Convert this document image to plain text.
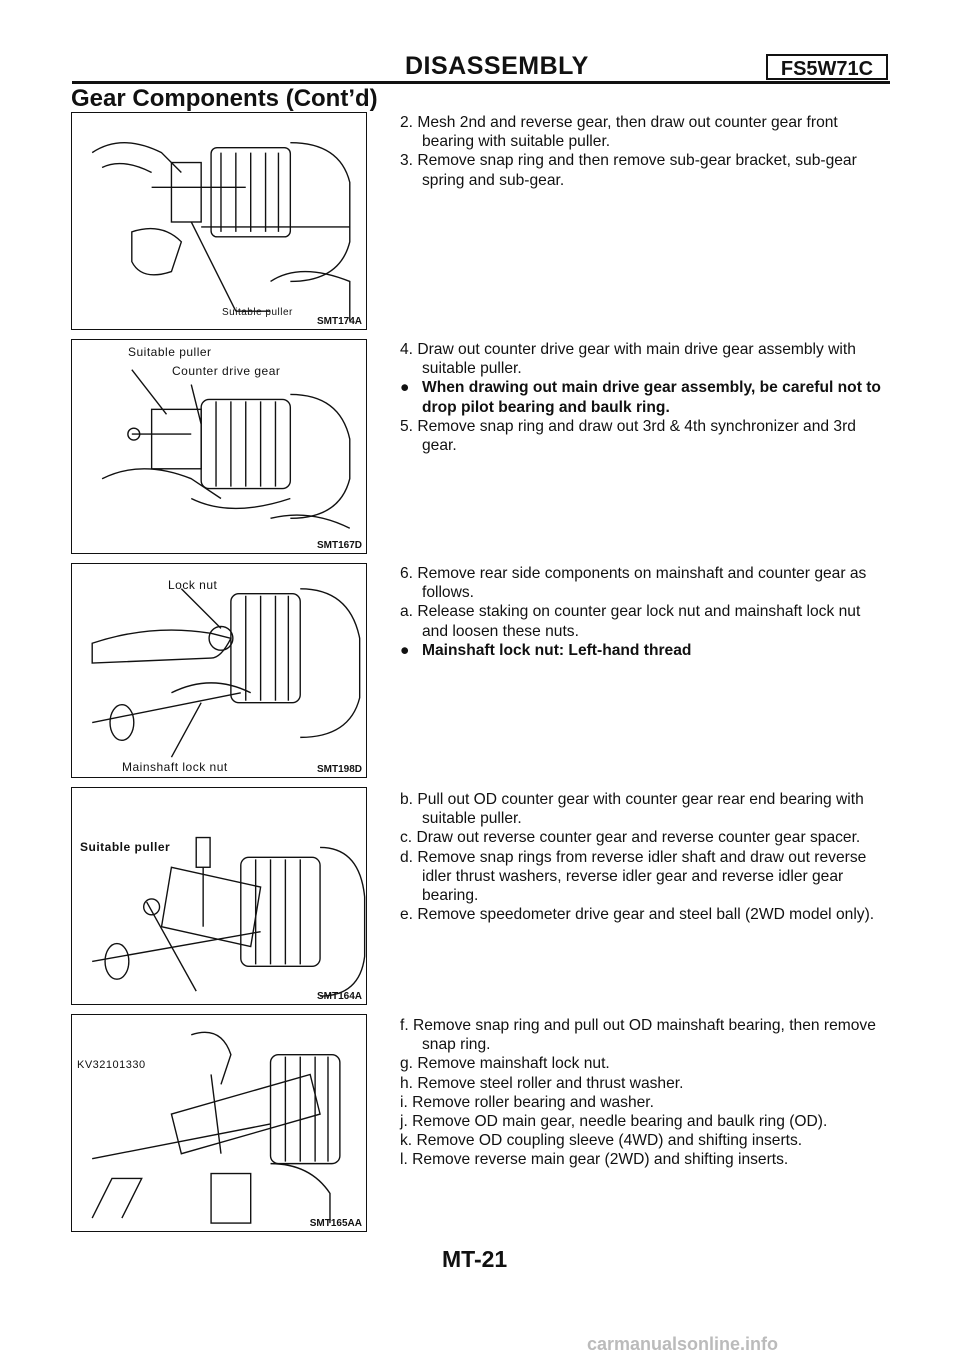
DISASSEMBLY	FS5W71C
Gear Components (Cont’d)
Suitable puller
SMT174A
Suitable puller
Counter drive gear
SMT167D
Lock nut
Mainshaft lock nut	SMT198D
Suitable puller
SMT164A
KV32101330
SMT165AA

2. Mesh 2nd and reverse gear, then draw out counter gear front bearing with suitable puller.

3. Remove snap ring and then remove sub-gear bracket, sub-gear spring and sub-gear.

4. Draw out counter drive gear with main drive gear assembly with suitable puller.

● When drawing out main drive gear assembly, be careful not to drop pilot bearing and baulk ring.

5. Remove snap ring and draw out 3rd & 4th synchronizer and 3rd gear.

6. Remove rear side components on mainshaft and counter gear as follows.

a. Release staking on counter gear lock nut and mainshaft lock nut and loosen these nuts.

● Mainshaft lock nut: Left-hand thread

b. Pull out OD counter gear with counter gear rear end bearing with suitable puller.

c. Draw out reverse counter gear and reverse counter gear spacer.

d. Remove snap rings from reverse idler shaft and draw out reverse idler thrust washers, reverse idler gear and reverse idler gear bearing.

e. Remove speedometer drive gear and steel ball (2WD model only).

f. Remove snap ring and pull out OD mainshaft bearing, then remove snap ring.

g. Remove mainshaft lock nut.

h. Remove steel roller and thrust washer.

i. Remove roller bearing and washer.

j. Remove OD main gear, needle bearing and baulk ring (OD).

k. Remove OD coupling sleeve (4WD) and shifting inserts.

l. Remove reverse main gear (2WD) and shifting inserts.

MT-21
carmanualsonline.info
